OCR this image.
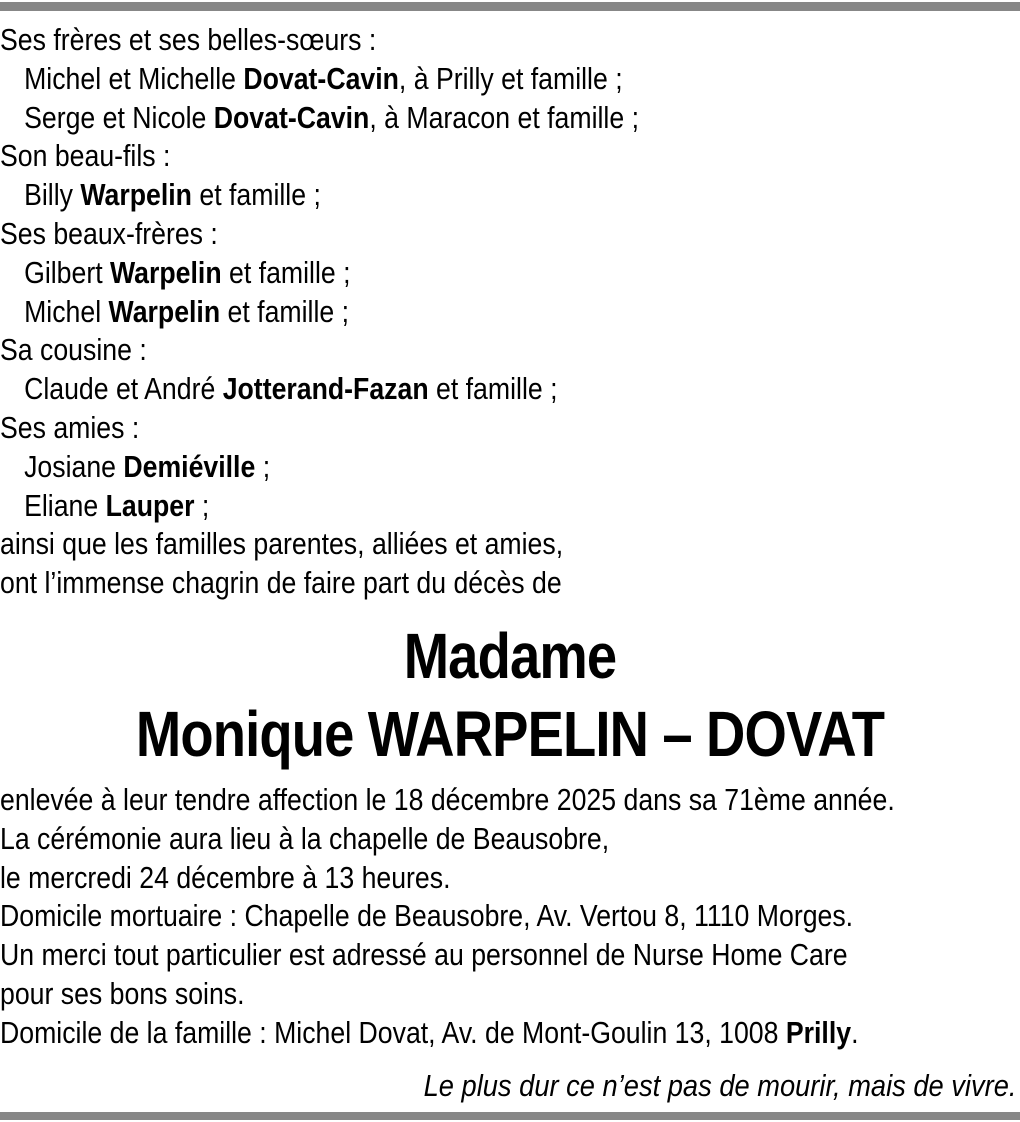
Ses frères et ses belles-sœurs :
Michel et Michelle Dovat-Cavin, à Prilly et famille ;
Serge et Nicole Dovat-Cavin, à Maracon et famille ;
Son beau-fils :
Billy Warpelin et famille ;
Ses beaux-frères :
Gilbert Warpelin et famille ;
Michel Warpelin et famille ;
Sa cousine :
Claude et André Jotterand-Fazan et famille ;
Ses amies :
Josiane Demiéville ;
Eliane Lauper ;
ainsi que les familles parentes, alliées et amies,
ont l’immense chagrin de faire part du décès de
Madame
Monique WARPELIN – DOVAT
enlevée à leur tendre affection le 18 décembre 2025 dans sa 71ème année.
La cérémonie aura lieu à la chapelle de Beausobre,
le mercredi 24 décembre à 13 heures.
Domicile mortuaire : Chapelle de Beausobre, Av. Vertou 8, 1110 Morges.
Un merci tout particulier est adressé au personnel de Nurse Home Care
pour ses bons soins.
Domicile de la famille : Michel Dovat, Av. de Mont-Goulin 13, 1008 Prilly.
Le plus dur ce n’est pas de mourir, mais de vivre.
